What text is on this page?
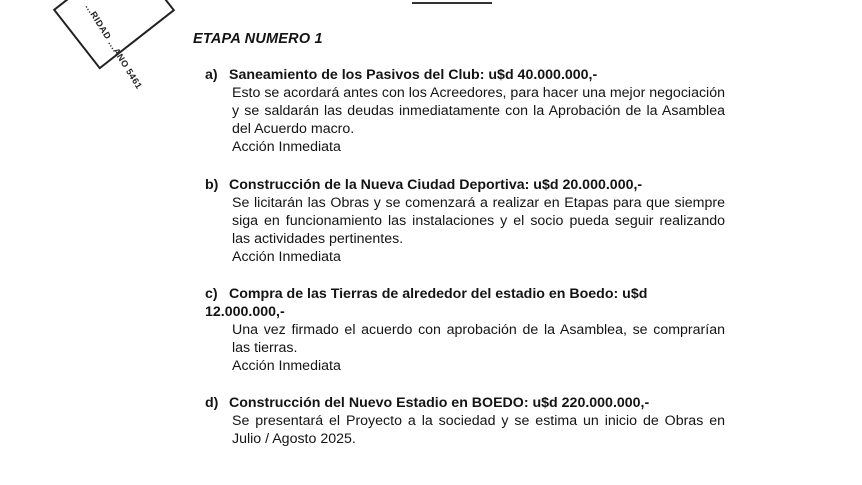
...RIDAD ...ANO 5461	ETAPA NUMERO 1
a) Saneamiento de los Pasivos del Club: u$d 40.000.000,-

Esto se acordará antes con los Acreedores, para hacer una mejor negociación y se saldarán las deudas inmediatamente con la Aprobación de la Asamblea del Acuerdo macro.

Acción Inmediata
b) Construcción de la Nueva Ciudad Deportiva: u$d 20.000.000,-

Se licitarán las Obras y se comenzará a realizar en Etapas para que siempre siga en funcionamiento las instalaciones y el socio pueda seguir realizando las actividades pertinentes.

Acción Inmediata
c) Compra de las Tierras de alrededor del estadio en Boedo: u$d 12.000.000,-

Una vez firmado el acuerdo con aprobación de la Asamblea, se comprarían las tierras.

Acción Inmediata
d) Construcción del Nuevo Estadio en BOEDO: u$d 220.000.000,-

Se presentará el Proyecto a la sociedad y se estima un inicio de Obras en Julio / Agosto 2025.
